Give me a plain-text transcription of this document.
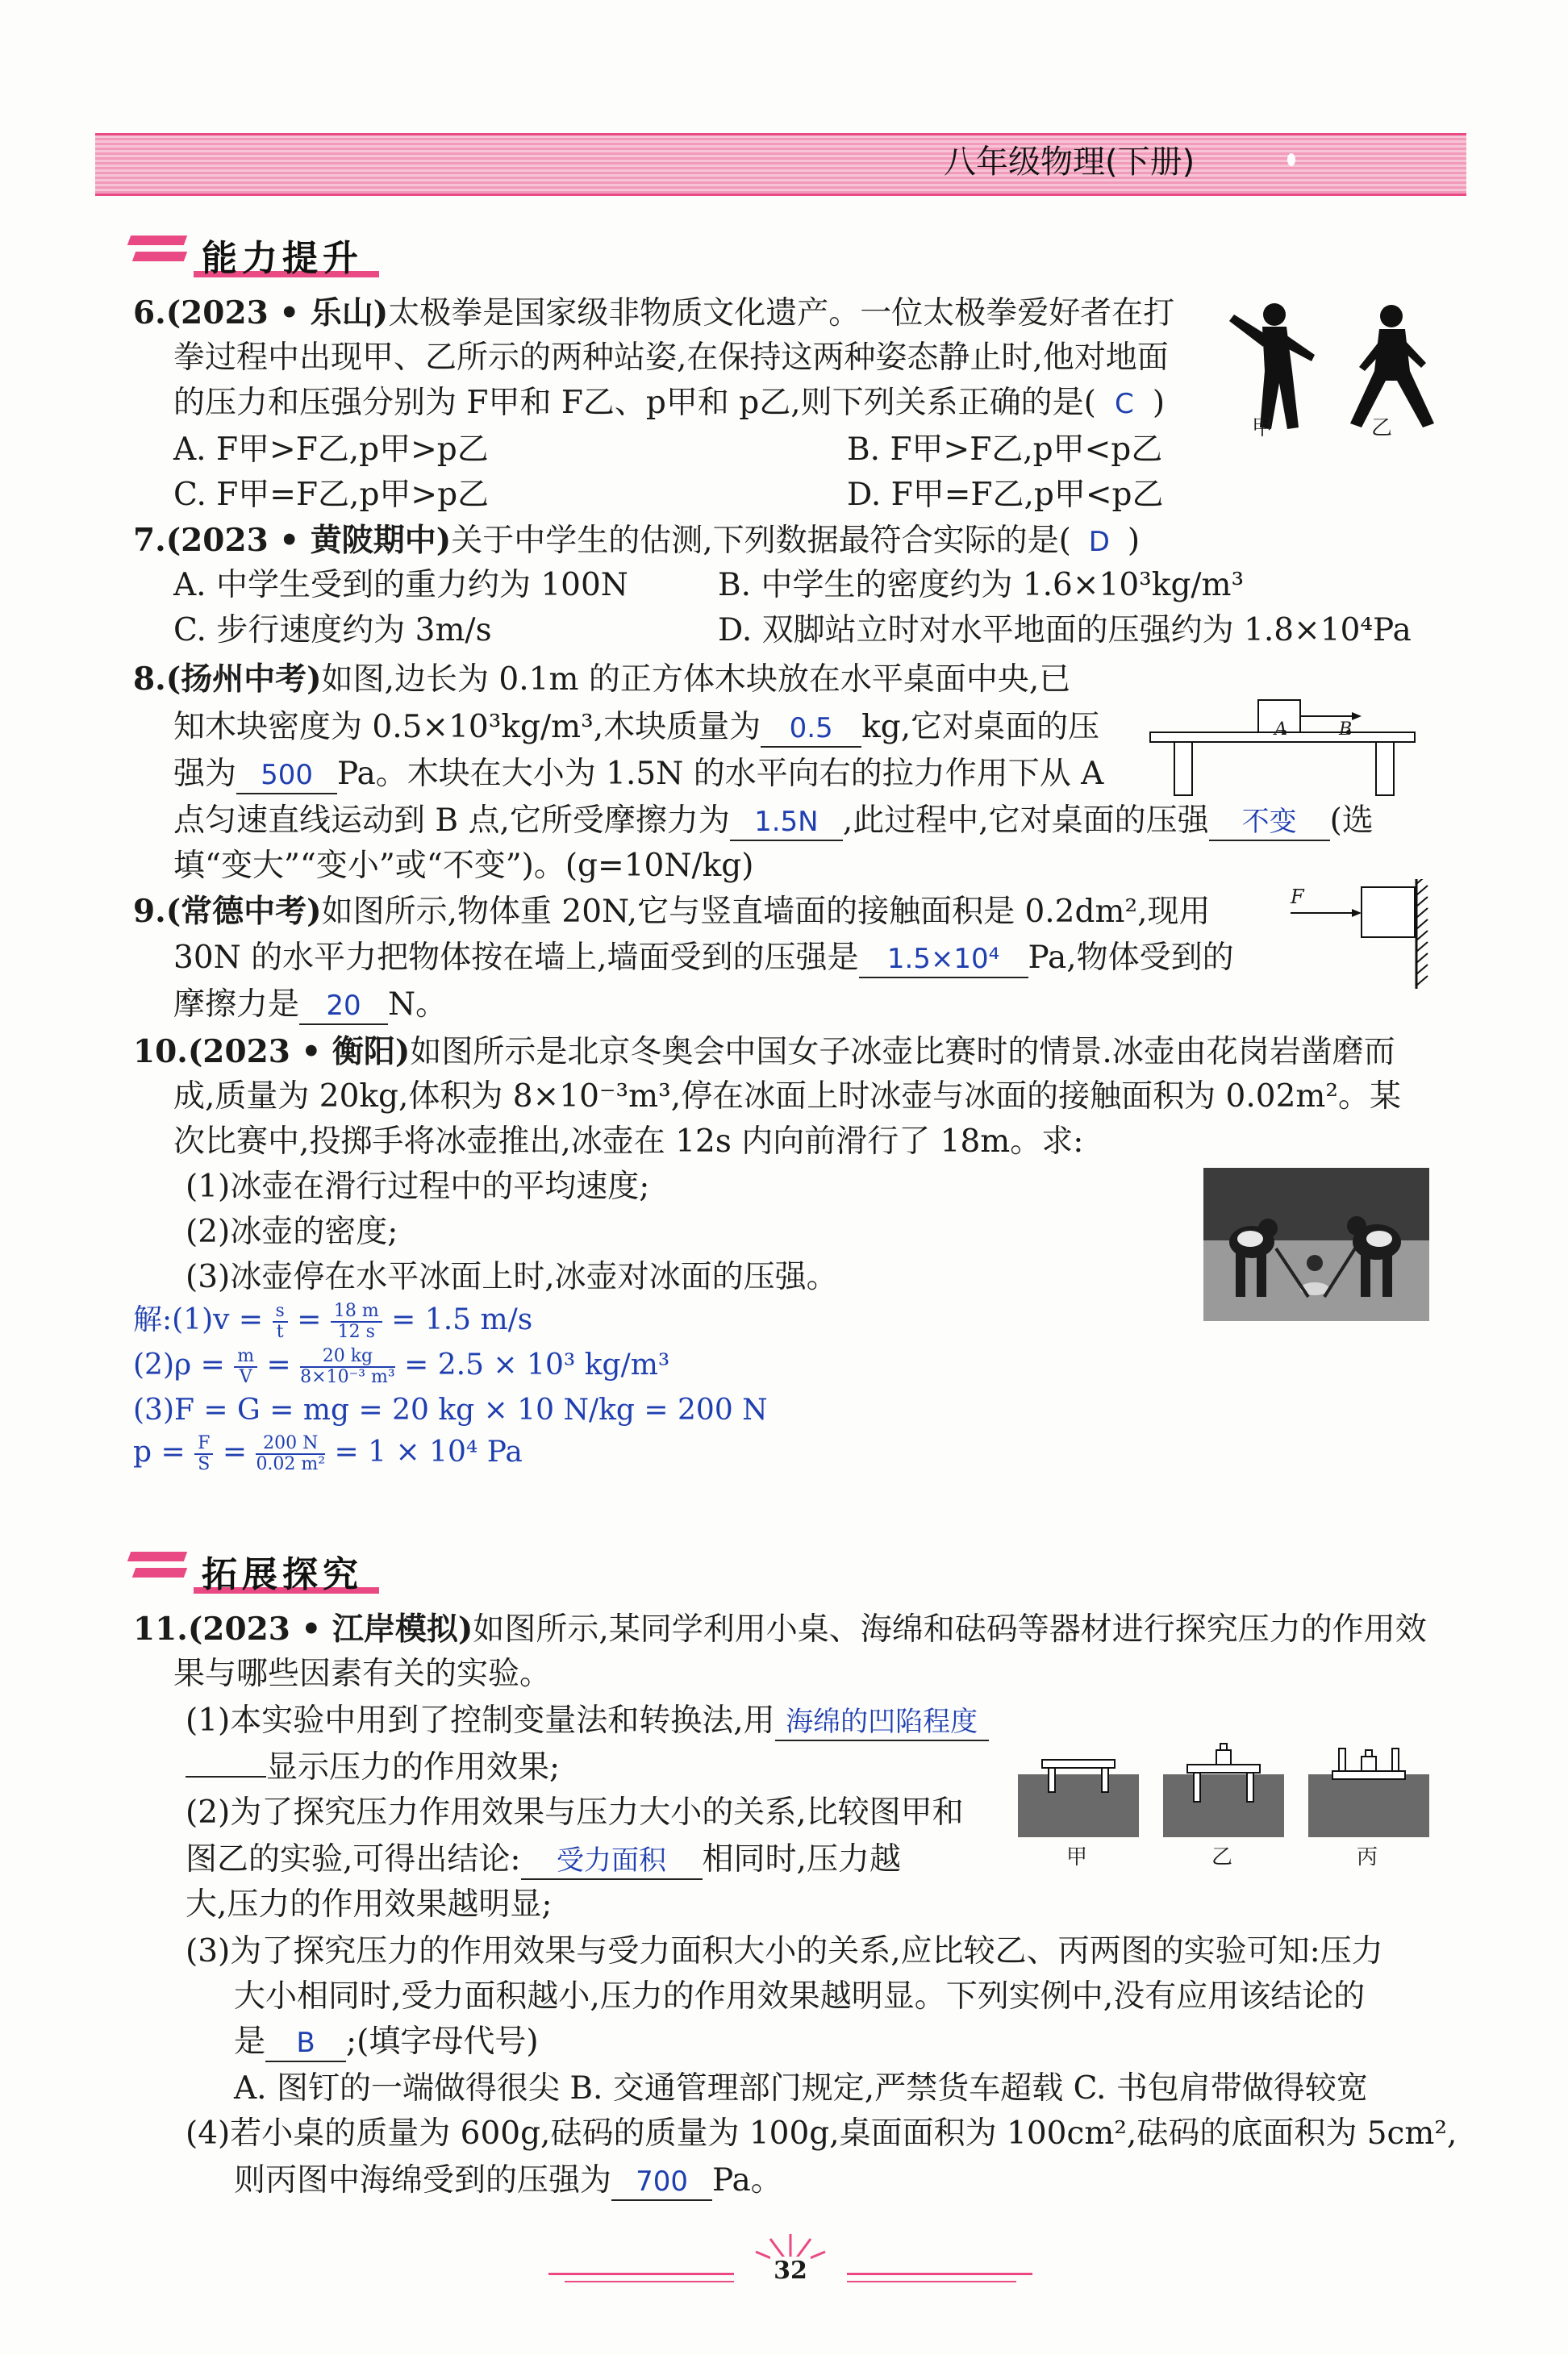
八年级物理(下册)
能力提升
6.(2023 • 乐山)太极拳是国家级非物质文化遗产。一位太极拳爱好者在打
拳过程中出现甲、乙所示的两种站姿,在保持这两种姿态静止时,他对地面
的压力和压强分别为 F甲和 F乙、p甲和 p乙,则下列关系正确的是( C )
A. F甲>F乙,p甲>p乙	B. F甲>F乙,p甲<p乙
C. F甲=F乙,p甲>p乙	D. F甲=F乙,p甲<p乙
甲	乙
7.(2023 • 黄陂期中)关于中学生的估测,下列数据最符合实际的是( D )
A. 中学生受到的重力约为 100N	B. 中学生的密度约为 1.6×10³kg/m³
C. 步行速度约为 3m/s	D. 双脚站立时对水平地面的压强约为 1.8×10⁴Pa
8.(扬州中考)如图,边长为 0.1m 的正方体木块放在水平桌面中央,已
知木块密度为 0.5×10³kg/m³,木块质量为 0.5 kg,它对桌面的压
强为 500 Pa。木块在大小为 1.5N 的水平向右的拉力作用下从 A
点匀速直线运动到 B 点,它所受摩擦力为 1.5N ,此过程中,它对桌面的压强 不变 (选
填“变大”“变小”或“不变”)。(g=10N/kg)
A	B
9.(常德中考)如图所示,物体重 20N,它与竖直墙面的接触面积是 0.2dm²,现用
30N 的水平力把物体按在墙上,墙面受到的压强是 1.5×10⁴ Pa,物体受到的
摩擦力是 20 N。
F
10.(2023 • 衡阳)如图所示是北京冬奥会中国女子冰壶比赛时的情景.冰壶由花岗岩凿磨而
成,质量为 20kg,体积为 8×10⁻³m³,停在冰面上时冰壶与冰面的接触面积为 0.02m²。某
次比赛中,投掷手将冰壶推出,冰壶在 12s 内向前滑行了 18m。求:
(1)冰壶在滑行过程中的平均速度;
(2)冰壶的密度;
(3)冰壶停在水平冰面上时,冰壶对冰面的压强。
解:(1)v = $\frac{s}{t} = \frac{18 m}{12 s} = 1.5$ m/s
$(2)\rho = \frac{m}{V} = \frac{20 kg}{\text{8×10⁻³ m³}} = 2.5 \times 10^3$ kg/m³
(3)F = G = mg = 20 kg × 10 N/kg = 200 N
$p = \frac{F}{S} = \frac{200 N}{\text{0.02 m²}} = 1 \times 10^4$ Pa
拓展探究
11.(2023 • 江岸模拟)如图所示,某同学利用小桌、海绵和砝码等器材进行探究压力的作用效
果与哪些因素有关的实验。
(1)本实验中用到了控制变量法和转换法,用 海绵的凹陷程度
显示压力的作用效果;
(2)为了探究压力作用效果与压力大小的关系,比较图甲和
图乙的实验,可得出结论: 受力面积 相同时,压力越
大,压力的作用效果越明显;
(3)为了探究压力的作用效果与受力面积大小的关系,应比较乙、丙两图的实验可知:压力
大小相同时,受力面积越小,压力的作用效果越明显。下列实例中,没有应用该结论的
是 B ;(填字母代号)
A. 图钉的一端做得很尖 B. 交通管理部门规定,严禁货车超载 C. 书包肩带做得较宽
(4)若小桌的质量为 600g,砝码的质量为 100g,桌面面积为 100cm²,砝码的底面积为 5cm²,
则丙图中海绵受到的压强为 700 Pa。
甲	乙	丙
32
